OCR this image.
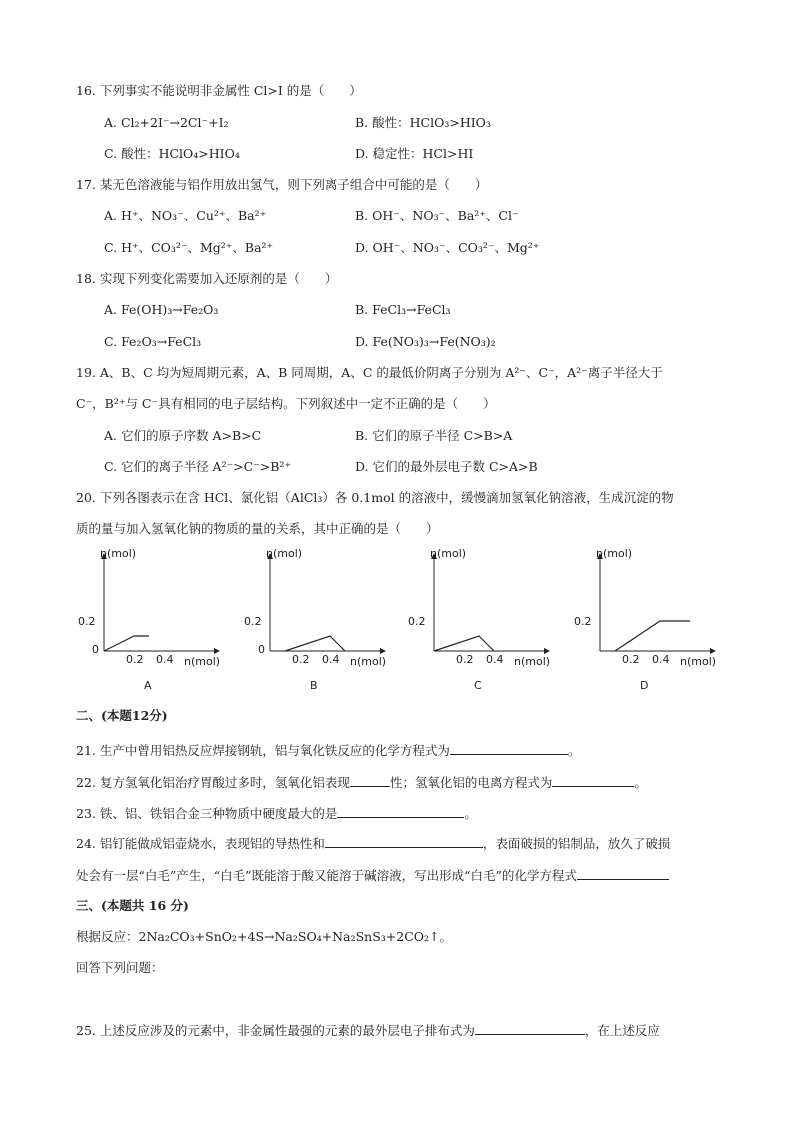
16. 下列事实不能说明非金属性 Cl>I 的是（　　）
A. Cl₂+2I⁻→2Cl⁻+I₂	B. 酸性：HClO₃>HIO₃
C. 酸性：HClO₄>HIO₄	D. 稳定性：HCl>HI
17. 某无色溶液能与铝作用放出氢气，则下列离子组合中可能的是（　　）
A. H⁺、NO₃⁻、Cu²⁺、Ba²⁺	B. OH⁻、NO₃⁻、Ba²⁺、Cl⁻
C. H⁺、CO₃²⁻、Mg²⁺、Ba²⁺	D. OH⁻、NO₃⁻、CO₃²⁻、Mg²⁺
18. 实现下列变化需要加入还原剂的是（　　）
A. Fe(OH)₃→Fe₂O₃	B. FeCl₃→FeCl₃
C. Fe₂O₃→FeCl₃	D. Fe(NO₃)₃→Fe(NO₃)₂
19. A、B、C 均为短周期元素，A、B 同周期，A、C 的最低价阴离子分别为 A²⁻、C⁻，A²⁻离子半径大于
C⁻，B²⁺与 C⁻具有相同的电子层结构。下列叙述中一定不正确的是（　　）
A. 它们的原子序数 A>B>C	B. 它们的原子半径 C>B>A
C. 它们的离子半径 A²⁻>C⁻>B²⁺	D. 它们的最外层电子数 C>A>B
20. 下列各图表示在含 HCl、氯化铝（AlCl₃）各 0.1mol 的溶液中，缓慢滴加氢氧化钠溶液，生成沉淀的物
质的量与加入氢氧化钠的物质的量的关系，其中正确的是（　　）
n(mol)
n(mol)
0
0.2
0.2 0.4
A
n(mol)
n(mol)
0
0.2
0.2 0.4
B
n(mol)
n(mol)
0.2
0.2 0.4
C
n(mol)
n(mol)
0.2
0.2 0.4
D
二、(本题12分)
21. 生产中曾用铝热反应焊接钢轨，铝与氧化铁反应的化学方程式为	。
22. 复方氢氧化铝治疗胃酸过多时，氢氧化铝表现	性；氢氧化铝的电离方程式为	。
23. 铁、铝、铁铝合金三种物质中硬度最大的是	。
24. 铝钉能做成铝壶烧水，表现铝的导热性和	，表面破损的铝制品，放久了破损
处会有一层“白毛”产生，“白毛”既能溶于酸又能溶于碱溶液，写出形成“白毛”的化学方程式
三、(本题共 16 分)
根据反应：2Na₂CO₃+SnO₂+4S→Na₂SO₄+Na₂SnS₃+2CO₂↑。
回答下列问题：
25. 上述反应涉及的元素中，非金属性最强的元素的最外层电子排布式为	，在上述反应
